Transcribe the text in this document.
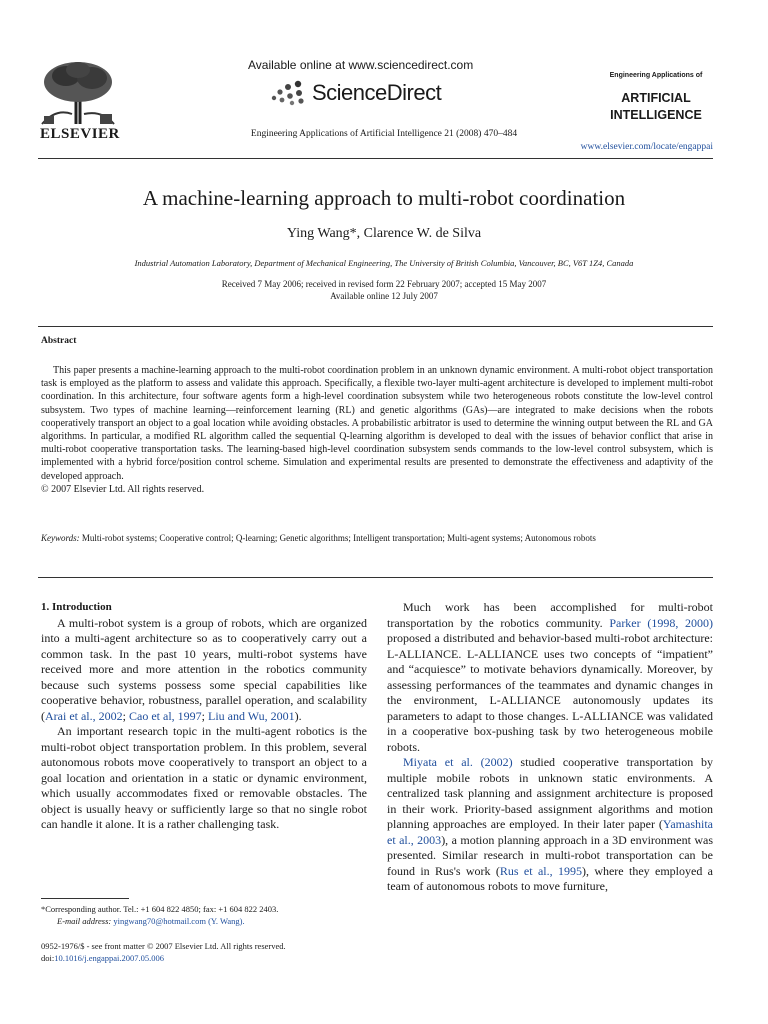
ELSEVIER
Available online at www.sciencedirect.com
ScienceDirect
Engineering Applications of Artificial Intelligence 21 (2008) 470–484
Engineering Applications of
ARTIFICIAL
INTELLIGENCE
www.elsevier.com/locate/engappai
A machine-learning approach to multi-robot coordination
Ying Wang*, Clarence W. de Silva
Industrial Automation Laboratory, Department of Mechanical Engineering, The University of British Columbia, Vancouver, BC, V6T 1Z4, Canada
Received 7 May 2006; received in revised form 22 February 2007; accepted 15 May 2007
Available online 12 July 2007
Abstract

This paper presents a machine-learning approach to the multi-robot coordination problem in an unknown dynamic environment. A multi-robot object transportation task is employed as the platform to assess and validate this approach. Specifically, a flexible two-layer multi-agent architecture is developed to implement multi-robot coordination. In this architecture, four software agents form a high-level coordination subsystem while two heterogeneous robots constitute the low-level control subsystem. Two types of machine learning—reinforcement learning (RL) and genetic algorithms (GAs)—are integrated to make decisions when the robots cooperatively transport an object to a goal location while avoiding obstacles. A probabilistic arbitrator is used to determine the winning output between the RL and GA algorithms. In particular, a modified RL algorithm called the sequential Q-learning algorithm is developed to deal with the issues of behavior conflict that arise in multi-robot cooperative transportation tasks. The learning-based high-level coordination subsystem sends commands to the low-level control subsystem, which is implemented with a hybrid force/position control scheme. Simulation and experimental results are presented to demonstrate the effectiveness and adaptivity of the developed approach.

© 2007 Elsevier Ltd. All rights reserved.
Keywords: Multi-robot systems; Cooperative control; Q-learning; Genetic algorithms; Intelligent transportation; Multi-agent systems; Autonomous robots

1. Introduction

A multi-robot system is a group of robots, which are organized into a multi-agent architecture so as to cooperatively carry out a common task. In the past 10 years, multi-robot systems have received more and more attention in the robotics community because such systems possess some special capabilities like cooperative behavior, robustness, parallel operation, and scalability (Arai et al., 2002; Cao et al, 1997; Liu and Wu, 2001).

An important research topic in the multi-agent robotics is the multi-robot object transportation problem. In this problem, several autonomous robots move cooperatively to transport an object to a goal location and orientation in a static or dynamic environment, which usually accommodates fixed or removable obstacles. The object is usually heavy or sufficiently large so that no single robot can handle it alone. It is a rather challenging task.

*Corresponding author. Tel.: +1 604 822 4850; fax: +1 604 822 2403.
E-mail address: yingwang70@hotmail.com (Y. Wang).
0952-1976/$ - see front matter © 2007 Elsevier Ltd. All rights reserved.
doi:10.1016/j.engappai.2007.05.006

Much work has been accomplished for multi-robot transportation by the robotics community. Parker (1998, 2000) proposed a distributed and behavior-based multi-robot architecture: L-ALLIANCE. L-ALLIANCE uses two concepts of “impatient” and “acquiesce” to motivate behaviors dynamically. Moreover, by assessing performances of the teammates and dynamic changes in the environment, L-ALLIANCE autonomously updates its parameters to adapt to those changes. L-ALLIANCE was validated in a cooperative box-pushing task by two heterogeneous mobile robots.

Miyata et al. (2002) studied cooperative transportation by multiple mobile robots in unknown static environments. A centralized task planning and assignment architecture is proposed in their work. Priority-based assignment algorithms and motion planning approaches are employed. In their later paper (Yamashita et al., 2003), a motion planning approach in a 3D environment was presented. Similar research in multi-robot transportation can be found in Rus's work (Rus et al., 1995), where they employed a team of autonomous robots to move furniture,
